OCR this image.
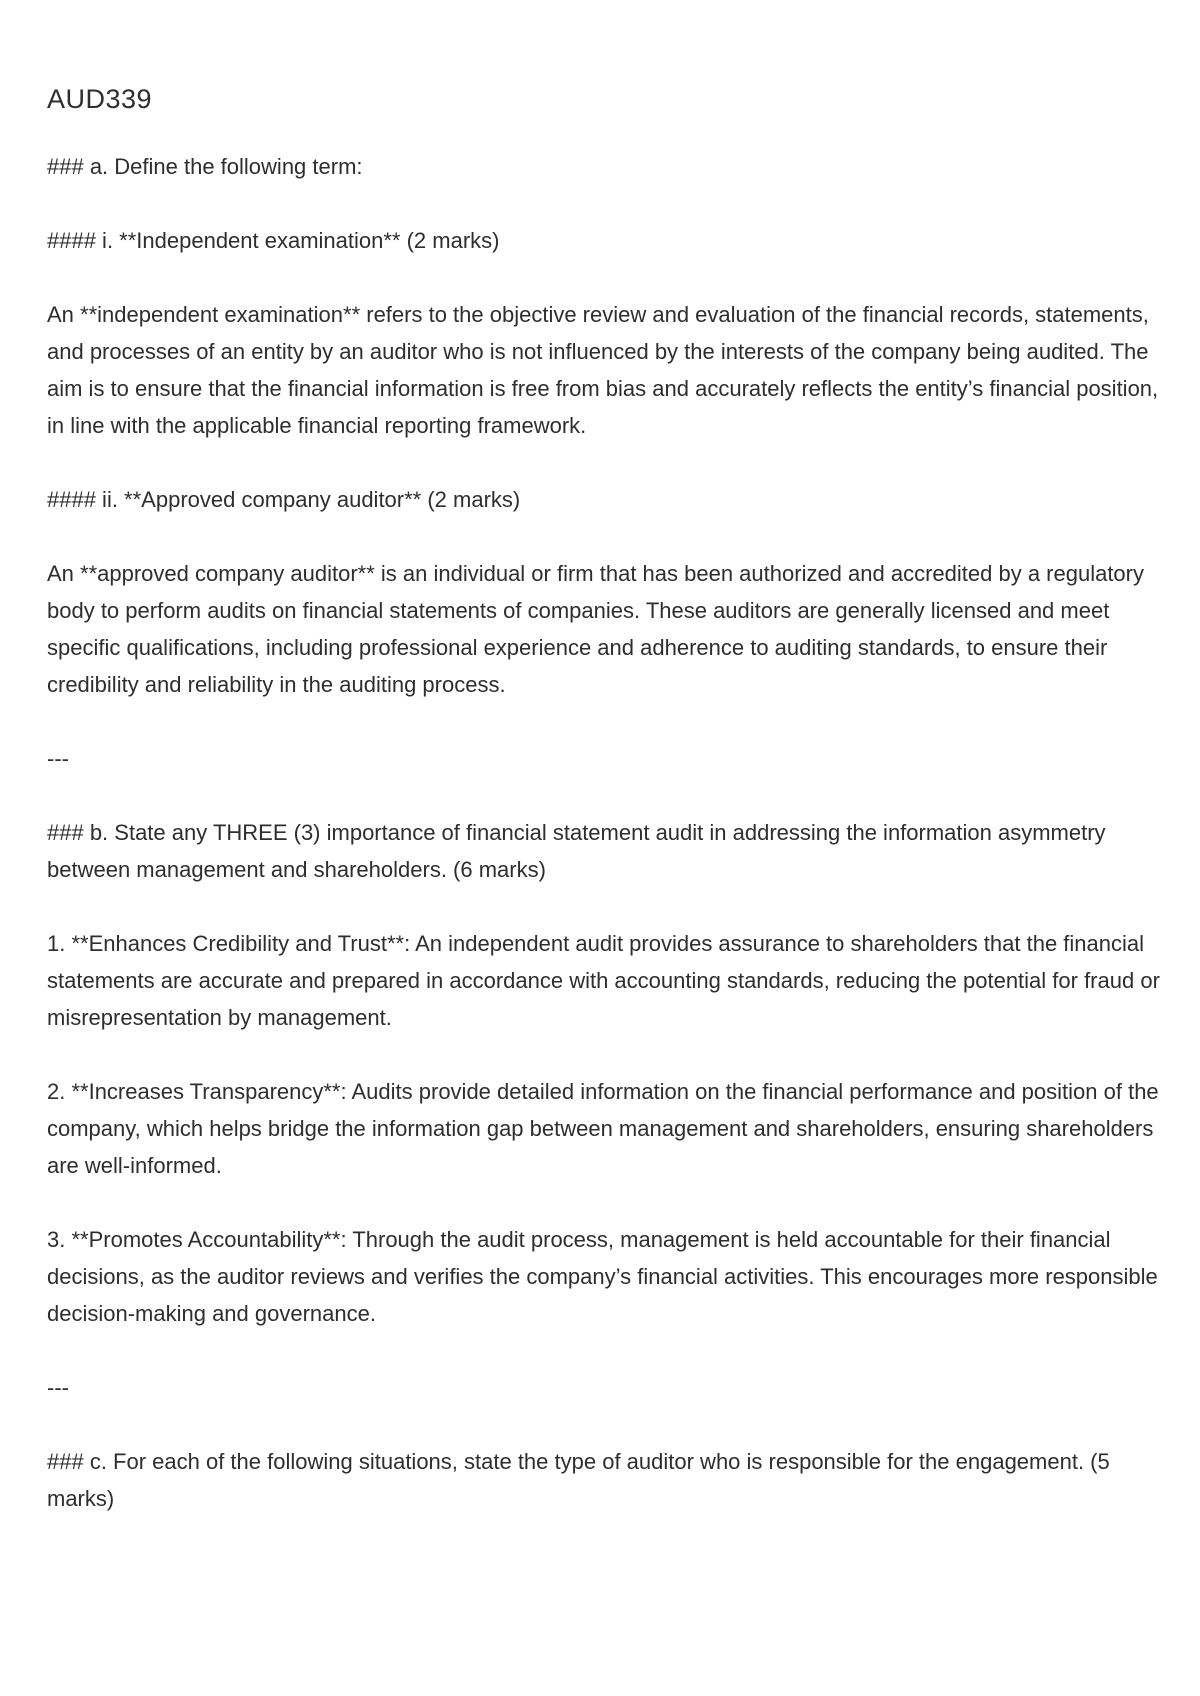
AUD339

### a. Define the following term:

#### i. **Independent examination** (2 marks)

An **independent examination** refers to the objective review and evaluation of the financial records, statements, and processes of an entity by an auditor who is not influenced by the interests of the company being audited. The aim is to ensure that the financial information is free from bias and accurately reflects the entity’s financial position, in line with the applicable financial reporting framework.

#### ii. **Approved company auditor** (2 marks)

An **approved company auditor** is an individual or firm that has been authorized and accredited by a regulatory body to perform audits on financial statements of companies. These auditors are generally licensed and meet specific qualifications, including professional experience and adherence to auditing standards, to ensure their credibility and reliability in the auditing process.

---

### b. State any THREE (3) importance of financial statement audit in addressing the information asymmetry between management and shareholders. (6 marks)

1. **Enhances Credibility and Trust**: An independent audit provides assurance to shareholders that the financial statements are accurate and prepared in accordance with accounting standards, reducing the potential for fraud or misrepresentation by management.

2. **Increases Transparency**: Audits provide detailed information on the financial performance and position of the company, which helps bridge the information gap between management and shareholders, ensuring shareholders are well-informed.

3. **Promotes Accountability**: Through the audit process, management is held accountable for their financial decisions, as the auditor reviews and verifies the company’s financial activities. This encourages more responsible decision-making and governance.

---

### c. For each of the following situations, state the type of auditor who is responsible for the engagement. (5 marks)
